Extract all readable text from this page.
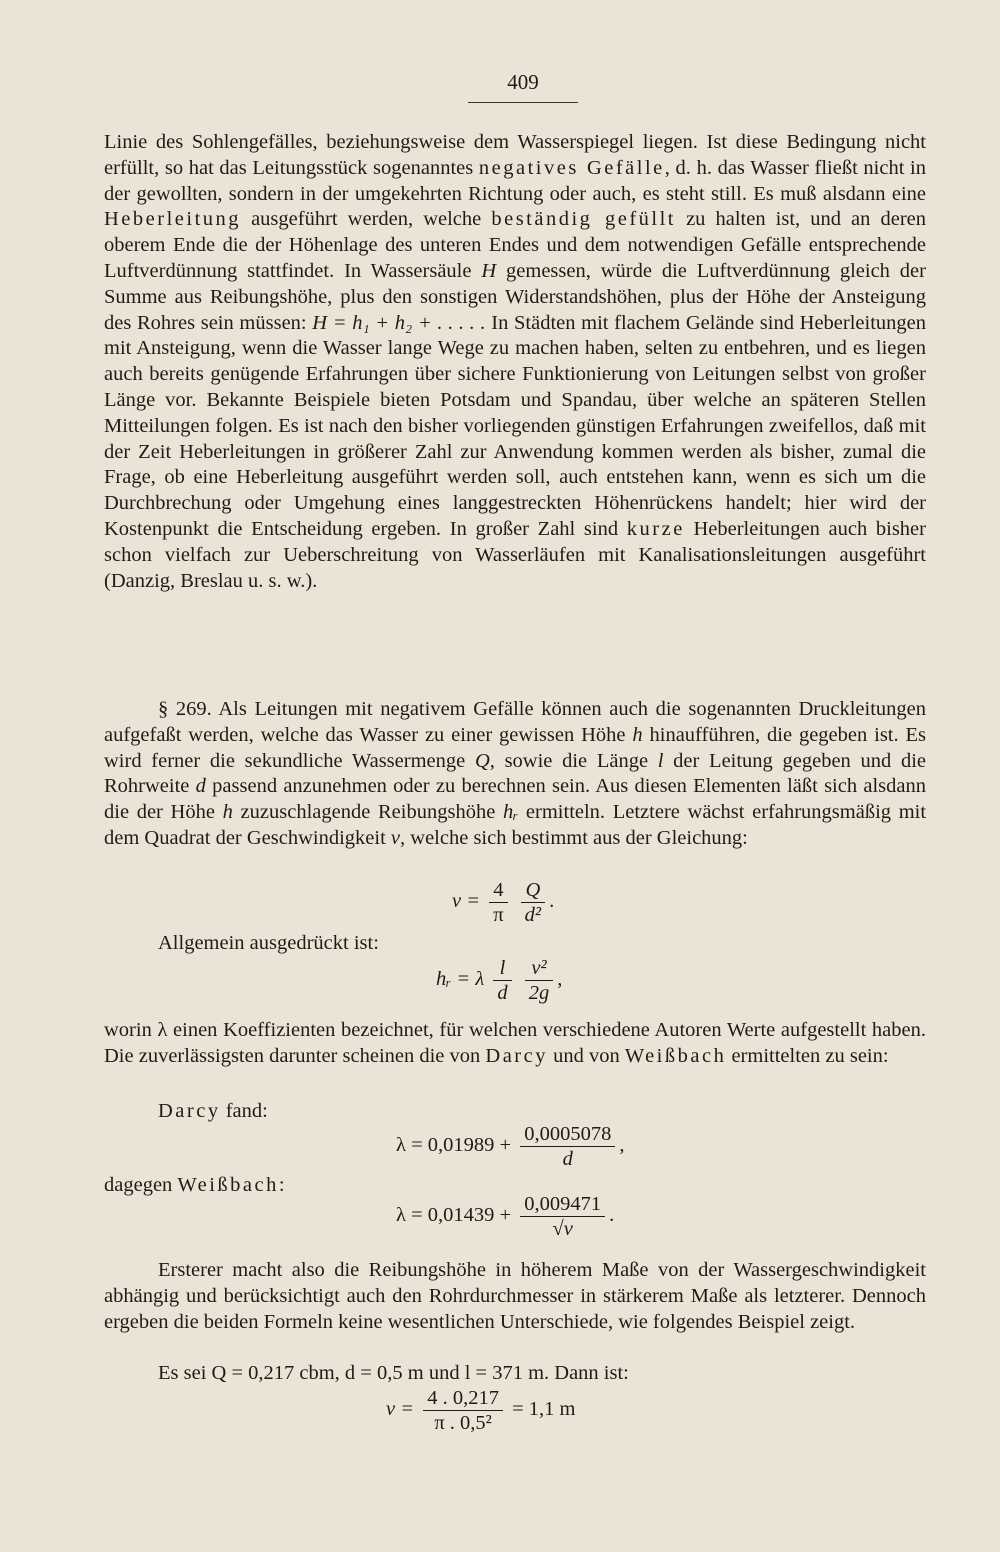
409

Linie des Sohlengefälles, beziehungsweise dem Wasserspiegel liegen. Ist diese Bedingung nicht erfüllt, so hat das Leitungsstück sogenanntes negatives Gefälle, d. h. das Wasser fließt nicht in der gewollten, sondern in der umgekehrten Richtung oder auch, es steht still. Es muß alsdann eine Heberleitung ausgeführt werden, welche beständig gefüllt zu halten ist, und an deren oberem Ende die der Höhenlage des unteren Endes und dem notwendigen Gefälle entsprechende Luftverdünnung stattfindet. In Wassersäule H gemessen, würde die Luftverdünnung gleich der Summe aus Reibungshöhe, plus den sonstigen Widerstandshöhen, plus der Höhe der Ansteigung des Rohres sein müssen: H = h₁ + h₂ + . . . . . In Städten mit flachem Gelände sind Heberleitungen mit Ansteigung, wenn die Wasser lange Wege zu machen haben, selten zu entbehren, und es liegen auch bereits genügende Erfahrungen über sichere Funktionierung von Leitungen selbst von großer Länge vor. Bekannte Beispiele bieten Potsdam und Spandau, über welche an späteren Stellen Mitteilungen folgen. Es ist nach den bisher vorliegenden günstigen Erfahrungen zweifellos, daß mit der Zeit Heberleitungen in größerer Zahl zur Anwendung kommen werden als bisher, zumal die Frage, ob eine Heberleitung ausgeführt werden soll, auch entstehen kann, wenn es sich um die Durchbrechung oder Umgehung eines langgestreckten Höhenrückens handelt; hier wird der Kostenpunkt die Entscheidung ergeben. In großer Zahl sind kurze Heberleitungen auch bisher schon vielfach zur Ueberschreitung von Wasserläufen mit Kanalisationsleitungen ausgeführt (Danzig, Breslau u. s. w.).

§ 269. Als Leitungen mit negativem Gefälle können auch die sogenannten Druckleitungen aufgefaßt werden, welche das Wasser zu einer gewissen Höhe h hinaufführen, die gegeben ist. Es wird ferner die sekundliche Wassermenge Q, sowie die Länge l der Leitung gegeben und die Rohrweite d passend anzunehmen oder zu berechnen sein. Aus diesen Elementen läßt sich alsdann die der Höhe h zuzuschlagende Reibungshöhe hᵣ ermitteln. Letztere wächst erfahrungsmäßig mit dem Quadrat der Geschwindigkeit v, welche sich bestimmt aus der Gleichung:

$v = \frac{4}{\pi}$
$\frac{Q}{\text{d²}}$ .
Allgemein ausgedrückt ist:
hᵣ = λ $\frac{l}{d}$
$\frac{\text{v²}}{2g}$ ,

worin λ einen Koeffizienten bezeichnet, für welchen verschiedene Autoren Werte aufgestellt haben. Die zuverlässigsten darunter scheinen die von Darcy und von Weißbach ermittelten zu sein:

Darcy fand:
$\lambda = 0,01989 + \frac{0,0005078}{d}$ ,
dagegen Weißbach:
$\lambda = 0,01439 + \frac{0,009471}{√v}$ .

Ersterer macht also die Reibungshöhe in höherem Maße von der Wassergeschwindigkeit abhängig und berücksichtigt auch den Rohrdurchmesser in stärkerem Maße als letzterer. Dennoch ergeben die beiden Formeln keine wesentlichen Unterschiede, wie folgendes Beispiel zeigt.

Es sei Q = 0,217 cbm, d = 0,5 m und l = 371 m. Dann ist:
$v = \frac{4 . 0,217}{\text{π . 0,5²}} = 1,1$ m
